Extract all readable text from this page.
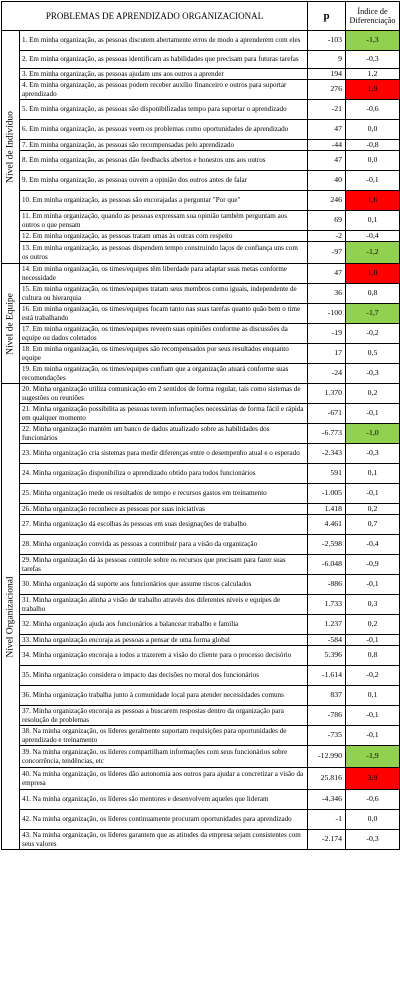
PROBLEMAS DE APRENDIZADO ORGANIZACIONAL		p	Índice de Diferenciação

Nível de Indivíduo	1. Em minha organização, as pessoas discutem abertamente erros de modo a aprenderem com eles	-103	-1,3
	2. Em minha organização, as pessoas identificam as habilidades que precisam para futuras tarefas	9	-0,3
	3. Em minha organização, as pessoas ajudam uns aos outros a aprender	194	1,2
	4. Em minha organização, as pessoas podem receber auxílio financeiro e outros para suportar aprendizado	276	1,9
	5. Em minha organização, as pessoas são disponibilizadas tempo para suportar o aprendizado	-21	-0,6
	6. Em minha organização, as pessoas veem os problemas como oportunidades de aprendizado	47	0,0
	7. Em minha organização, as pessoas são recompensadas pelo aprendizado	-44	-0,8
	8. Em minha organização, as pessoas dão feedbacks abertos e honestos uns aos outros	47	0,0
	9. Em minha organização, as pessoas ouvem a opinião dos outros antes de falar	40	-0,1
	10. Em minha organização, as pessoas são encorajadas a perguntar "Por que"	246	1,6
	11. Em minha organização, quando as pessoas expressam sua opinião também perguntam aos outros o que pensam	69	0,1
	12. Em minha organização, as pessoas tratam umas às outras com respeito	-2	-0,4
	13. Em minha organização, as pessoas dispendem tempo construindo laços de confiança uns com os outros	-97	-1,2

Nível de Equipe	14. Em minha organização, os times/equipes têm liberdade para adaptar suas metas conforme necessidade	47	1,0
	15. Em minha organização, os times/equipes tratam seus membros como iguais, independente de cultura ou hierarquia	36	0,8
	16. Em minha organização, os times/equipes focam tanto nas suas tarefas quanto quão bem o time está trabalhando	-100	-1,7
	17. Em minha organização, os times/equipes reveem suas opiniões conforme as discussões da equipe ou dados coletados	-19	-0,2
	18. Em minha organização, os times/equipes são recompensados por seus resultados enquanto equipe	17	0,5
	19. Em minha organização, os times/equipes confiam que a organização atuará conforme suas recomendações	-24	-0,3

Nível Organizacional	20. Minha organização utiliza comunicação em 2 sentidos de forma regular, tais como sistemas de sugestões ou reuniões	1.370	0,2
	21. Minha organização possibilita as pessoas terem informações necessárias de forma fácil e rápida em qualquer momento	-671	-0,1
	22. Minha organização mantém um banco de dados atualizado sobre as habilidades dos funcionários	-6.773	-1,0
	23. Minha organização cria sistemas para medir diferenças entre o desempenho atual e o esperado	-2.343	-0,3
	24. Minha organização disponibiliza o aprendizado obtido para todos funcionários	591	0,1
	25. Minha organização mede os resultados de tempo e recursos gastos em treinamento	-1.005	-0,1
	26. Minha organização reconhece as pessoas por suas iniciativas	1.418	0,2
	27. Minha organização dá escolhas às pessoas em suas designações de trabalho	4.461	0,7
	28. Minha organização convida as pessoas a contribuir para a visão da organização	-2.598	-0,4
	29. Minha organização dá às pessoas controle sobre os recursos que precisam para fazer suas tarefas	-6.048	-0,9
	30. Minha organização dá suporte aos funcionários que assume riscos calculados	-886	-0,1
	31. Minha organização alinha a visão de trabalho através dos diferentes níveis e equipes de trabalho	1.733	0,3
	32. Minha organização ajuda aos funcionários a balancear trabalho e família	1.237	0,2
	33. Minha organização encoraja as pessoas a pensar de uma forma global	-584	-0,1
	34. Minha organização encoraja a todos a trazerem a visão do cliente para o processo decisório	5.396	0,8
	35. Minha organização considera o impacto das decisões no moral dos funcionários	-1.614	-0,2
	36. Minha organização trabalha junto à comunidade local para atender necessidades comuns	837	0,1
	37. Minha organização encoraja as pessoas a buscarem respostas dentro da organização para resolução de problemas	-786	-0,1
	38. Na minha organização, os líderes geralmente suportam requisições para oportunidades de aprendizado e treinamento	-735	-0,1
	39. Na minha organização, os líderes compartilham informações com seus funcionários sobre concorrência, tendências, etc	-12.990	-1,9
	40. Na minha organização, os líderes dão autonomia aos outros para ajudar a concretizar a visão da empresa	25.816	3,9
	41. Na minha organização, os líderes são mentores e desenvolvem aqueles que lideram	-4.346	-0,6
	42. Na minha organização, os líderes continuamente procuram oportunidades para aprendizado	-1	0,0
	43. Na minha organização, os líderes garantem que as atitudes da empresa sejam consistentes com seus valores	-2.174	-0,3
